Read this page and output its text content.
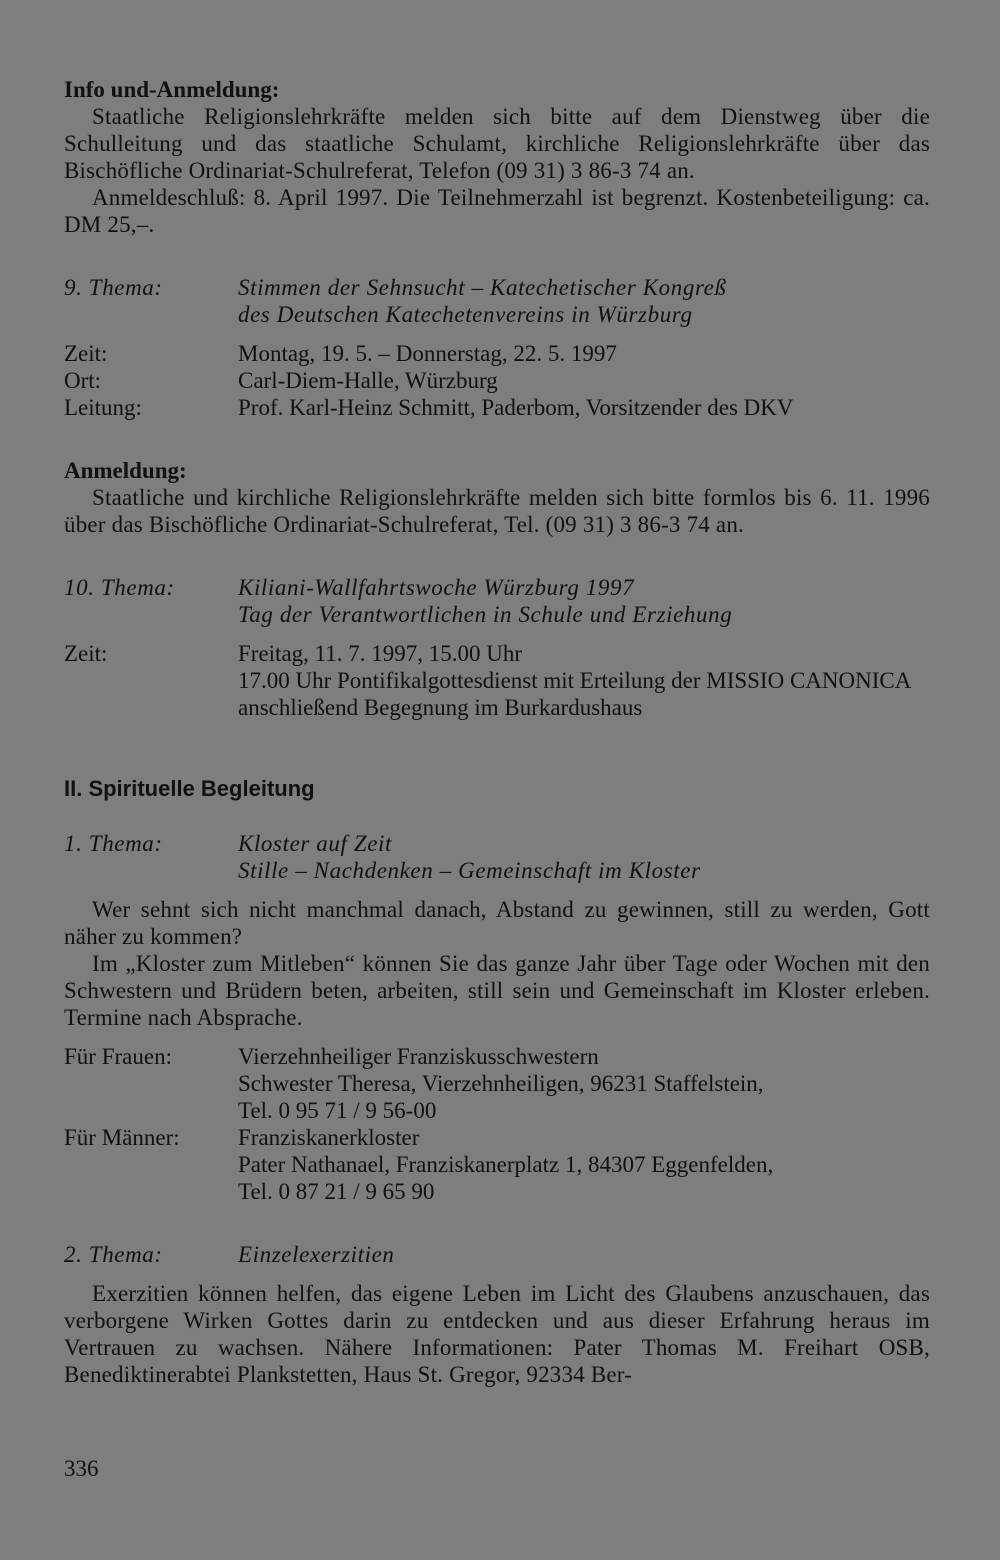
Info und-Anmeldung:

Staatliche Religionslehrkräfte melden sich bitte auf dem Dienstweg über die Schulleitung und das staatliche Schulamt, kirchliche Religionslehrkräfte über das Bischöfliche Ordinariat-Schulreferat, Telefon (09 31) 3 86-3 74 an.

Anmeldeschluß: 8. April 1997. Die Teilnehmerzahl ist begrenzt. Kostenbeteiligung: ca. DM 25,–.

9. Thema:	Stimmen der Sehnsucht – Katechetischer Kongreß
des Deutschen Katechetenvereins in Würzburg
Zeit:	Montag, 19. 5. – Donnerstag, 22. 5. 1997
Ort:	Carl-Diem-Halle, Würzburg
Leitung:	Prof. Karl-Heinz Schmitt, Paderbom, Vorsitzender des DKV

Anmeldung:

Staatliche und kirchliche Religionslehrkräfte melden sich bitte formlos bis 6. 11. 1996 über das Bischöfliche Ordinariat-Schulreferat, Tel. (09 31) 3 86-3 74 an.

10. Thema:	Kiliani-Wallfahrtswoche Würzburg 1997
Tag der Verantwortlichen in Schule und Erziehung
Zeit:	Freitag, 11. 7. 1997, 15.00 Uhr
17.00 Uhr Pontifikalgottesdienst mit Erteilung der MISSIO CANONICA
anschließend Begegnung im Burkardushaus

II. Spirituelle Begleitung

1. Thema:	Kloster auf Zeit
Stille – Nachdenken – Gemeinschaft im Kloster

Wer sehnt sich nicht manchmal danach, Abstand zu gewinnen, still zu werden, Gott näher zu kommen?

Im „Kloster zum Mitleben“ können Sie das ganze Jahr über Tage oder Wochen mit den Schwestern und Brüdern beten, arbeiten, still sein und Gemeinschaft im Kloster erleben. Termine nach Absprache.

Für Frauen:	Vierzehnheiliger Franziskusschwestern
Schwester Theresa, Vierzehnheiligen, 96231 Staffelstein,
Tel. 0 95 71 / 9 56-00
Für Männer:	Franziskanerkloster
Pater Nathanael, Franziskanerplatz 1, 84307 Eggenfelden,
Tel. 0 87 21 / 9 65 90
2. Thema:	Einzelexerzitien

Exerzitien können helfen, das eigene Leben im Licht des Glaubens anzuschauen, das verborgene Wirken Gottes darin zu entdecken und aus dieser Erfahrung heraus im Vertrauen zu wachsen. Nähere Informationen: Pater Thomas M. Freihart OSB, Benediktinerabtei Plankstetten, Haus St. Gregor, 92334 Ber-

336
